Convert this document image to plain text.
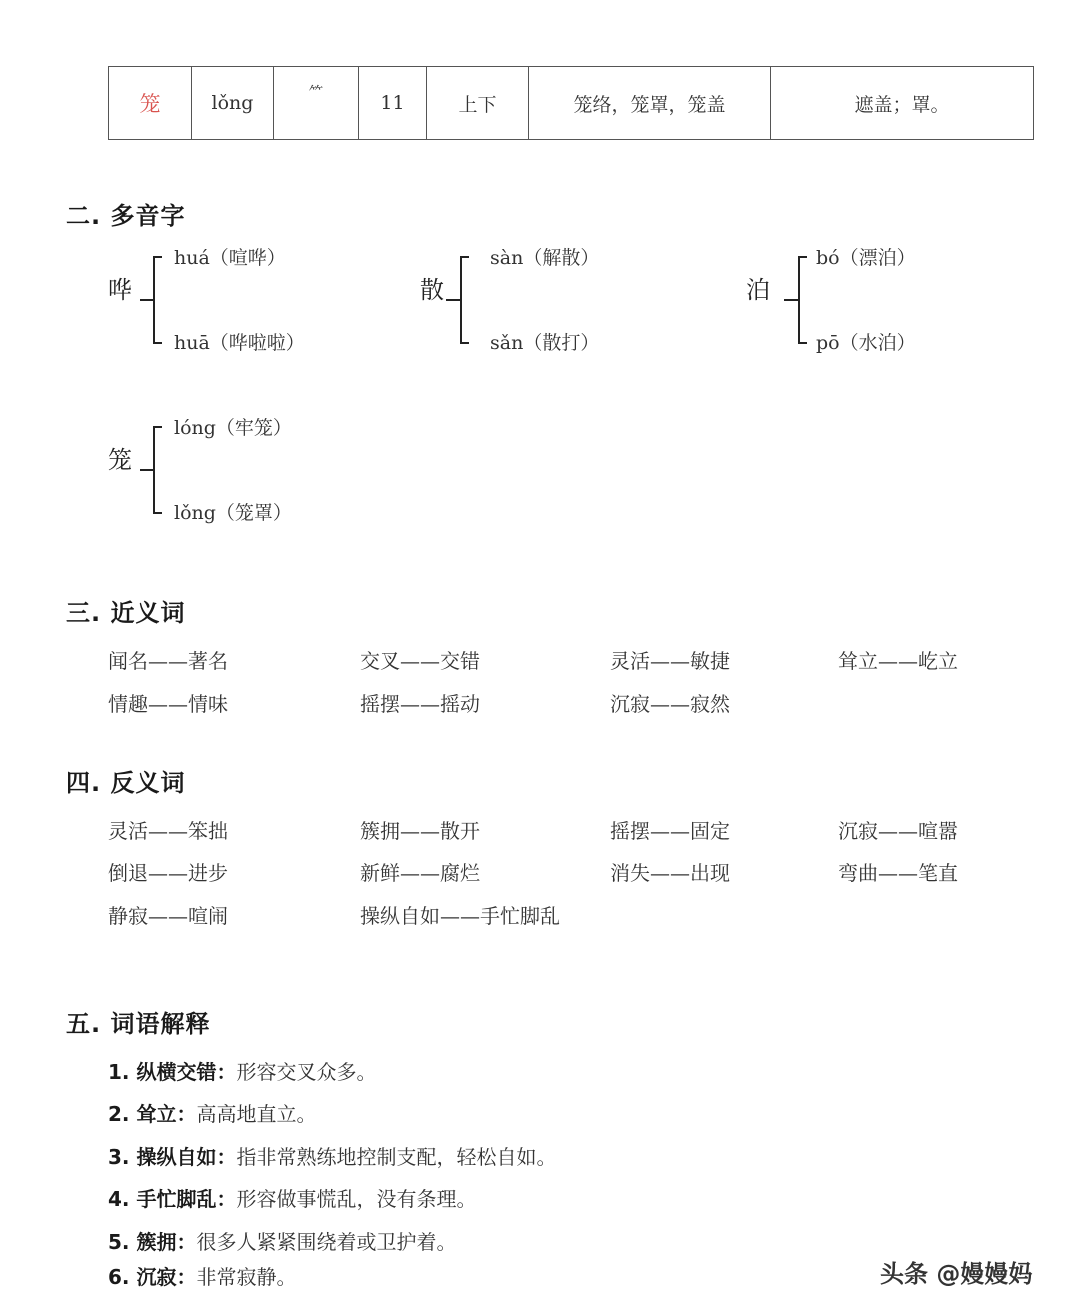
笼	lǒng	⺮	11	上下	笼络，笼罩，笼盖	遮盖；罩。
二. 多音字
哗
huá（喧哗）
huā（哗啦啦）
散
sàn（解散）
sǎn（散打）
泊
bó（漂泊）
pō（水泊）
笼
lóng（牢笼）
lǒng（笼罩）
三. 近义词
闻名——著名	交叉——交错	灵活——敏捷	耸立——屹立
情趣——情味	摇摆——摇动	沉寂——寂然
四. 反义词
灵活——笨拙	簇拥——散开	摇摆——固定	沉寂——喧嚣
倒退——进步	新鲜——腐烂	消失——出现	弯曲——笔直
静寂——喧闹	操纵自如——手忙脚乱
五. 词语解释
1. 纵横交错：形容交叉众多。
2. 耸立：高高地直立。
3. 操纵自如：指非常熟练地控制支配，轻松自如。
4. 手忙脚乱：形容做事慌乱，没有条理。
5. 簇拥：很多人紧紧围绕着或卫护着。
6. 沉寂：非常寂静。	头条 @嫚嫚妈
